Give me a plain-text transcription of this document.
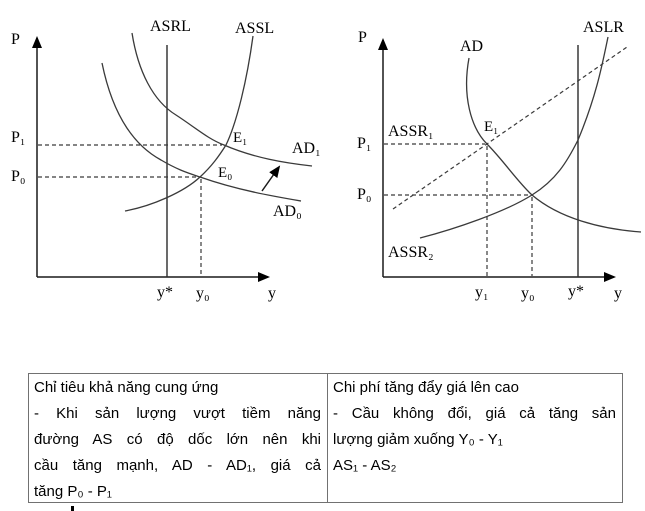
P
ASRL	ASSL
P₁
P₀
E₁
E₀
AD₁
AD₀
y* y₀	y
P
AD
ASLR
ASSR₁
ASSR₂
P₁
P₀
E₁
y₁ y₀ y* y
Chỉ tiêu khả năng cung ứng
- Khi sản lượng vượt tiềm năng
đường AS có độ dốc lớn nên khi
cầu tăng mạnh, AD - AD₁, giá cả
tăng P₀ - P₁
Chi phí tăng đẩy giá lên cao
- Cầu không đổi, giá cả tăng sản
lượng giảm xuống Y₀ - Y₁
AS₁ - AS₂
